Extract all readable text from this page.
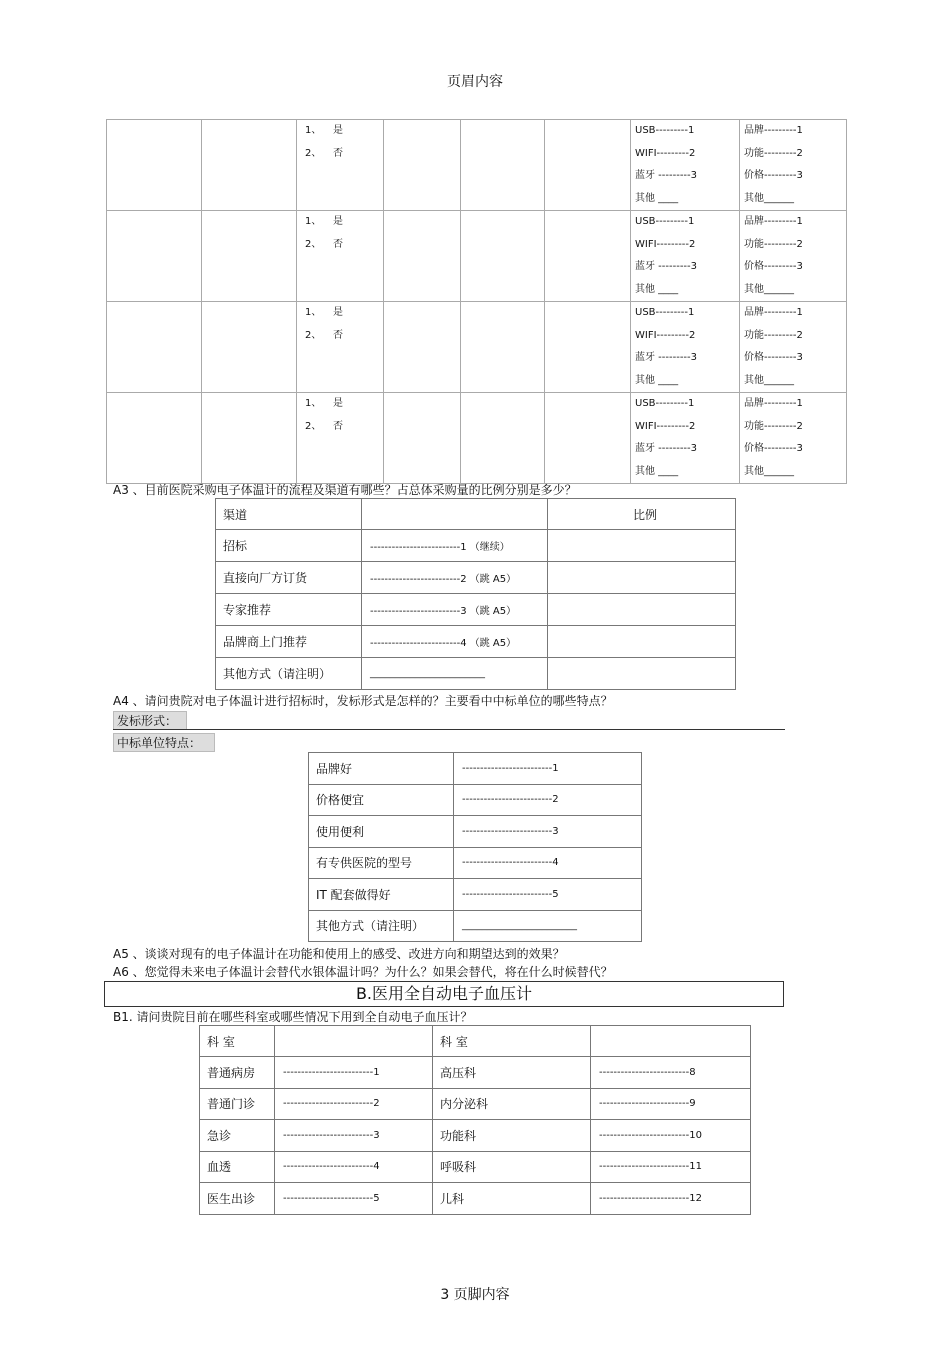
页眉内容

		1、 是
2、 否				USB---------1
WIFI---------2
蓝牙 ---------3
其他 ____	品牌---------1
功能---------2
价格---------3
其他______

		1、 是
2、 否				USB---------1
WIFI---------2
蓝牙 ---------3
其他 ____	品牌---------1
功能---------2
价格---------3
其他______

		1、 是
2、 否				USB---------1
WIFI---------2
蓝牙 ---------3
其他 ____	品牌---------1
功能---------2
价格---------3
其他______

		1、 是
2、 否				USB---------1
WIFI---------2
蓝牙 ---------3
其他 ____	品牌---------1
功能---------2
价格---------3
其他______
A3 、目前医院采购电子体温计的流程及渠道有哪些？占总体采购量的比例分别是多少？
渠道		比例
招标	-------------------------1 （继续）	
直接向厂方订货	-------------------------2 （跳 A5）	
专家推荐	-------------------------3 （跳 A5）	
品牌商上门推荐	-------------------------4 （跳 A5）	
其他方式（请注明）	_______________________	
A4 、请问贵院对电子体温计进行招标时，发标形式是怎样的？主要看中中标单位的哪些特点？
发标形式：
中标单位特点：
品牌好	-------------------------1
价格便宜	-------------------------2
使用便利	-------------------------3
有专供医院的型号	-------------------------4
IT 配套做得好	-------------------------5
其他方式（请注明）	_______________________
A5 、谈谈对现有的电子体温计在功能和使用上的感受、改进方向和期望达到的效果？
A6 、您觉得未来电子体温计会替代水银体温计吗？为什么？如果会替代，将在什么时候替代？
B.医用全自动电子血压计
B1. 请问贵院目前在哪些科室或哪些情况下用到全自动电子血压计？
科 室		科 室	
普通病房	-------------------------1	高压科	-------------------------8
普通门诊	-------------------------2	内分泌科	-------------------------9
急诊	-------------------------3	功能科	-------------------------10
血透	-------------------------4	呼吸科	-------------------------11
医生出诊	-------------------------5	儿科	-------------------------12
3 页脚内容
